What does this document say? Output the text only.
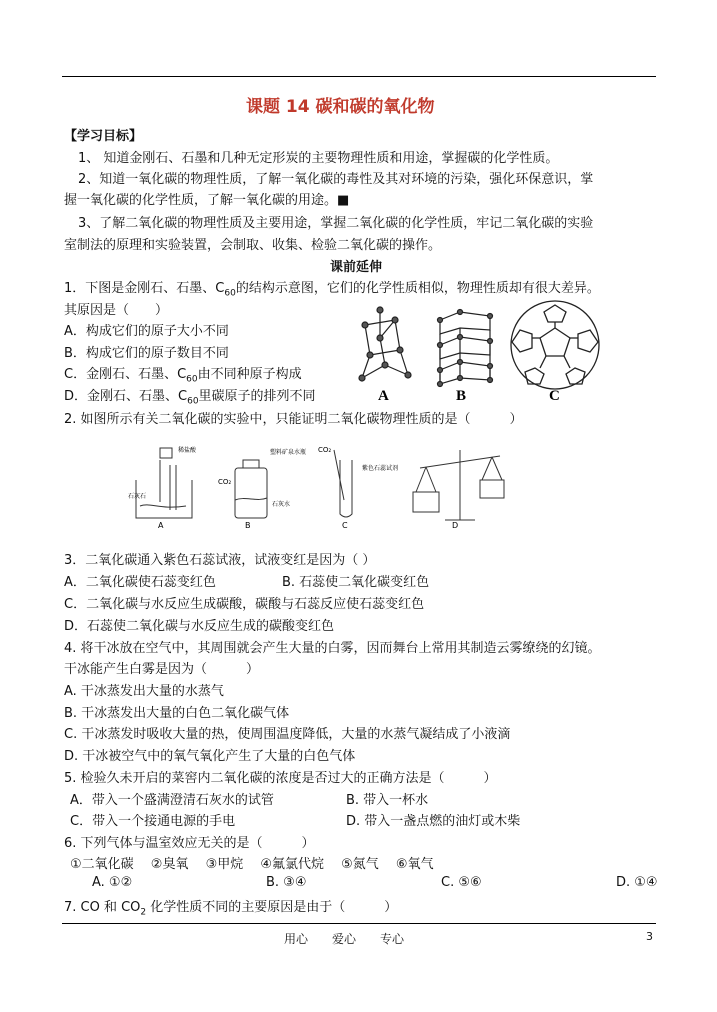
课题 14 碳和碳的氧化物
【学习目标】
1、 知道金刚石、石墨和几种无定形炭的主要物理性质和用途，掌握碳的化学性质。
2、知道一氧化碳的物理性质，了解一氧化碳的毒性及其对环境的污染，强化环保意识，掌
握一氧化碳的化学性质，了解一氧化碳的用途。■
3、了解二氧化碳的物理性质及主要用途，掌握二氧化碳的化学性质，牢记二氧化碳的实验
室制法的原理和实验装置，会制取、收集、检验二氧化碳的操作。
课前延伸
1．下图是金刚石、石墨、$C_{60}$的结构示意图，它们的化学性质相似，物理性质却有很大差异。
其原因是（　　）
A．构成它们的原子大小不同
B．构成它们的原子数目不同
C．金刚石、石墨、$C_{60}$由不同种原子构成
D．金刚石、石墨、$C_{60}$里碳原子的排列不同	A	B	C
2. 如图所示有关二氧化碳的实验中，只能证明二氧化碳物理性质的是（　　　）
稀盐酸
石灰石
CO₂
塑料矿泉水瓶
石灰水
CO₂
紫色石蕊试剂
A	B	C	D
3．二氧化碳通入紫色石蕊试液，试液变红是因为（ ）
A．二氧化碳使石蕊变红色	B. 石蕊使二氧化碳变红色
C．二氧化碳与水反应生成碳酸，碳酸与石蕊反应使石蕊变红色
D．石蕊使二氧化碳与水反应生成的碳酸变红色
4. 将干冰放在空气中，其周围就会产生大量的白雾，因而舞台上常用其制造云雾缭绕的幻镜。
干冰能产生白雾是因为（　　　）
A. 干冰蒸发出大量的水蒸气
B. 干冰蒸发出大量的白色二氧化碳气体
C. 干冰蒸发时吸收大量的热，使周围温度降低，大量的水蒸气凝结成了小液滴
D. 干冰被空气中的氧气氧化产生了大量的白色气体
5. 检验久未开启的菜窖内二氧化碳的浓度是否过大的正确方法是（　　　）
A．带入一个盛满澄清石灰水的试管	B. 带入一杯水
C．带入一个接通电源的手电	D. 带入一盏点燃的油灯或木柴
6. 下列气体与温室效应无关的是（　　　）
①二氧化碳　 ②臭氧　 ③甲烷　 ④氟氯代烷　 ⑤氮气　 ⑥氧气
A. ①②	B. ③④	C. ⑤⑥	D. ①④
7. CO 和 $CO_2$ 化学性质不同的主要原因是由于（　　　）
用心　　爱心　　专心	3
